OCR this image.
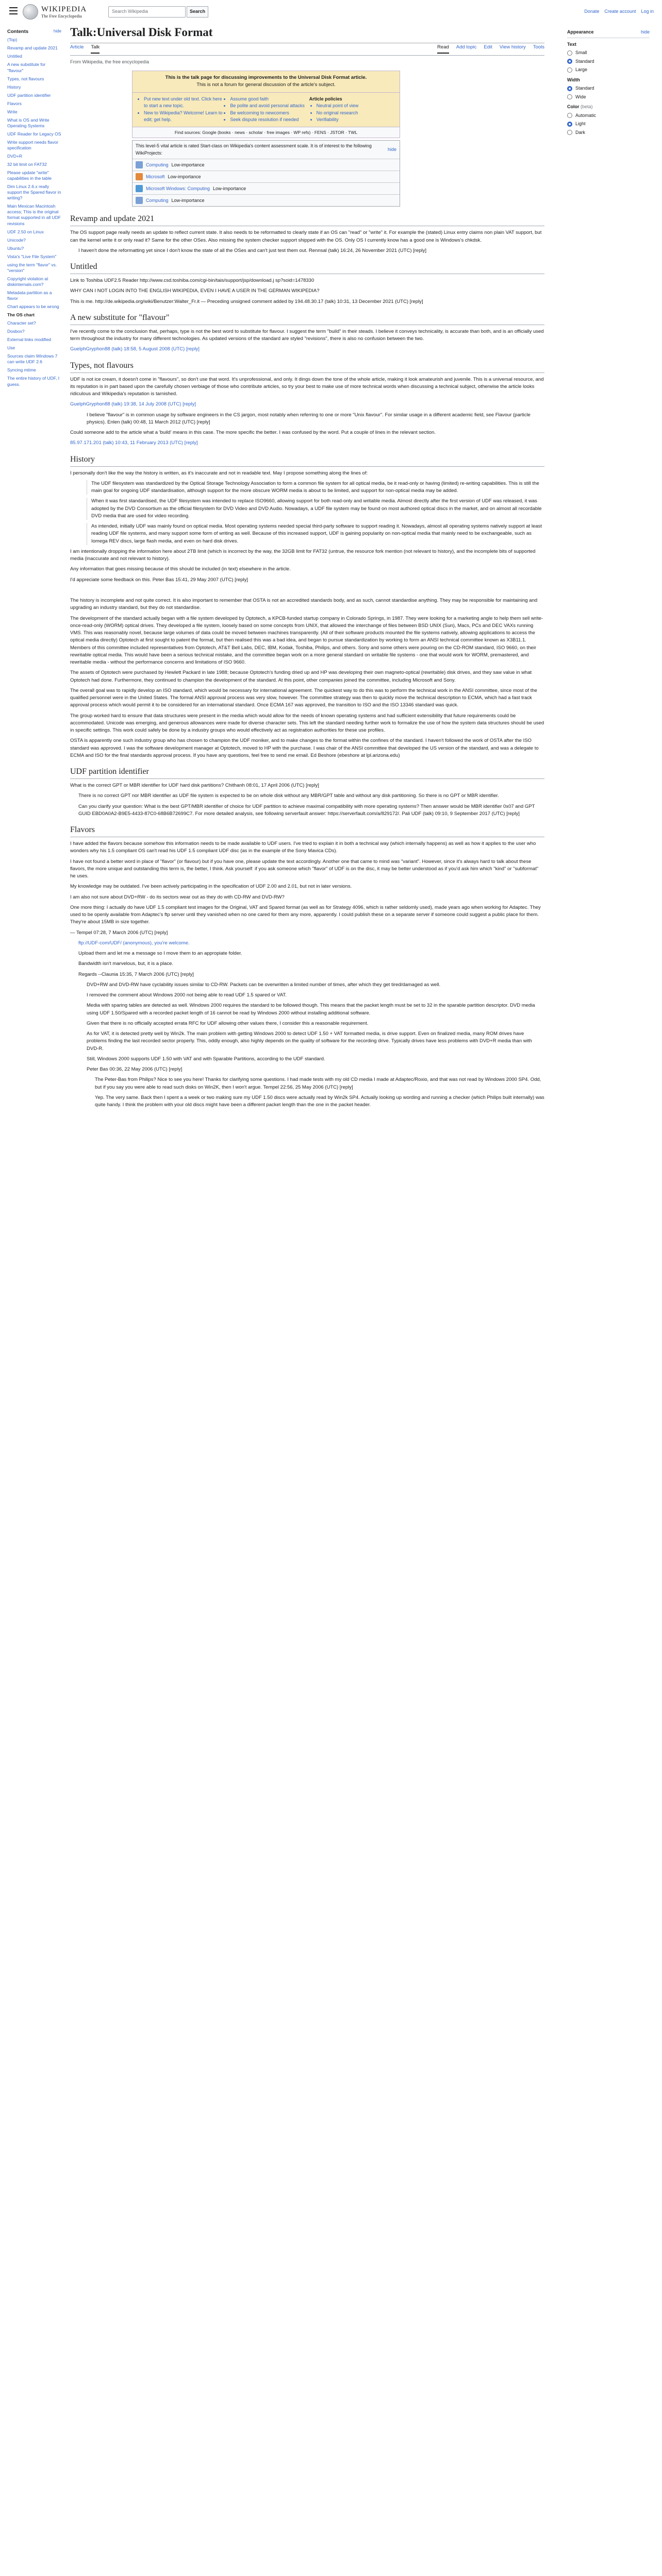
WIKIPEDIA
The Free Encyclopedia
Search Wikipedia	Search	Donate Create account Log in
Contents	hide
(Top)
Revamp and update 2021
Untitled
A new substitute for "flavour"
Types, not flavours
History
UDF partition identifier
Flavors
Write
What is OS and Write Operating Systems
UDF Reader for Legacy OS
Write support needs flavor specification
DVD+R
32 bit limit on FAT32
Please update "write" capabilities in the table
Dim Linux 2.6.x really support the Spared flavor in writing?
Main Mexican Macintosh access; This is the original format supported in all UDF revisions
UDF 2.50 on Linux
Unicode?
Ubuntu?
Vista's "Live File System"
using the term "flavor" vs. "version"
Copyright violation at diskinternals.com?
Metadata partition as a flavor
Chart appears to be wrong
The OS chart
Character set?
Dosbox?
External links modified
Use
Sources claim Windows 7 can write UDF 2.6
Syncing mtime
The entire history of UDF, I guess.
Talk:Universal Disk Format
Article Talk	Read Add topic Edit View history Tools
From Wikipedia, the free encyclopedia
This is the talk page for discussing improvements to the Universal Disk Format article.
This is not a forum for general discussion of the article's subject.
• Put new text under old text. Click here to start a new topic.
• New to Wikipedia? Welcome! Learn to edit; get help.
• Assume good faith
• Be polite and avoid personal attacks
• Be welcoming to newcomers
• Seek dispute resolution if needed
Article policies
• Neutral point of view
• No original research
• Verifiability
Find sources: Google (books · news · scholar · free images · WP refs) · FENS · JSTOR · TWL
This level-5 vital article is rated Start-class on Wikipedia's content assessment scale. It is of interest to the following WikiProjects:
hide
Computing Low-importance
Microsoft Low-importance
Microsoft Windows: Computing Low-importance
Computing Low-importance
Revamp and update 2021

The OS support page really needs an update to reflect current state. It also needs to be reformatted to clearly state if an OS can "read" or "write" it. For example the (stated) Linux entry claims non plain VAT support, but can the kernel write it or only read it? Same for the other OSes. Also missing the system checker support shipped with the OS. Only OS I currently know has a good one is Windows's chkdsk.

I haven't done the reformatting yet since I don't know the state of all the OSes and can't just test them out. Rennsal (talk) 16:24, 26 November 2021 (UTC) [reply]

Untitled

Link to Toshiba UDF2.5 Reader http://www.csd.toshiba.com/cgi-bin/tais/support/jsp/download.j sp?soid=1478330

WHY CAN I NOT LOGIN INTO THE ENGLISH WIKIPEDIA, EVEN I HAVE A USER IN THE GERMAN WIKIPEDIA?

This is me. http://de.wikipedia.org/wiki/Benutzer:Walter_Fr.it — Preceding unsigned comment added by 194.48.30.17 (talk) 10:31, 13 December 2021 (UTC) [reply]

A new substitute for "flavour"

I've recently come to the conclusion that, perhaps, type is not the best word to substitute for flavour. I suggest the term "build" in their steads. I believe it conveys technicality, is accurate than both, and is an officially used term throughout the industry for many different technologies. As updated versions of the standard are styled "revisions", there is also no confusion between the two.

GuelphGryphon88 (talk) 18:58, 5 August 2008 (UTC) [reply]

Types, not flavours

UDF is not ice cream, it doesn't come in "flavours", so don't use that word. It's unprofessional, and only. It dings down the tone of the whole article, making it look amateurish and juvenile. This is a universal resource, and its reputation is in part based upon the carefully chosen verbiage of those who contribute articles, so try your best to make use of more technical words when discussing a technical subject, otherwise the article looks ridiculous and Wikipedia's reputation is tarnished.

GuelphGryphon88 (talk) 19:38, 14 July 2008 (UTC) [reply]

I believe "flavour" is in common usage by software engineers in the CS jargon, most notably when referring to one or more "Unix flavour". For similar usage in a different academic field, see Flavour (particle physics). Enlen (talk) 00:48, 11 March 2012 (UTC) [reply]

Could someone add to the article what a 'build' means in this case. The more specific the better. I was confused by the word. Put a couple of lines in the relevant section.

85.97.171.201 (talk) 10:43, 11 February 2013 (UTC) [reply]

History

I personally don't like the way the history is written, as it's inaccurate and not in readable text. May I propose something along the lines of:

The UDF filesystem was standardized by the Optical Storage Technology Association to form a common file system for all optical media, be it read-only or having (limited) re-writing capabilities. This is still the main goal for ongoing UDF standardisation, although support for the more obscure WORM media is about to be limited, and support for non-optical media may be added.

When it was first standardised, the UDF filesystem was intended to replace ISO9660, allowing support for both read-only and writable media. Almost directly after the first version of UDF was released, it was adopted by the DVD Consortium as the official filesystem for DVD Video and DVD Audio. Nowadays, a UDF file system may be found on most authored optical discs in the market, and on almost all recordable DVD media that are used for video recording.

As intended, initially UDF was mainly found on optical media. Most operating systems needed special third-party software to support reading it. Nowadays, almost all operating systems natively support at least reading UDF file systems, and many support some form of writing as well. Because of this increased support, UDF is gaining popularity on non-optical media that mainly need to be exchangeable, such as Iomega REV discs, large flash media, and even on hard disk drives.

I am intentionally dropping the information here about 2TB limit (which is incorrect by the way, the 32GB limit for FAT32 (untrue, the resource fork mention (not relevant to history), and the incomplete bits of supported media (inaccurate and not relevant to history).

Any information that goes missing because of this should be included (in text) elsewhere in the article.

I'd appreciate some feedback on this. Peter Bas 15:41, 29 May 2007 (UTC) [reply]

The history is incomplete and not quite correct. It is also important to remember that OSTA is not an accredited standards body, and as such, cannot standardise anything. They may be responsible for maintaining and upgrading an industry standard, but they do not standardise.

The development of the standard actually began with a file system developed by Optotech, a KPCB-funded startup company in Colorado Springs, in 1987. They were looking for a marketing angle to help them sell write-once-read-only (WORM) optical drives. They developed a file system, loosely based on some concepts from UNIX, that allowed the interchange of files between BSD UNIX (Sun), Macs, PCs and DEC VAXs running VMS. This was reasonably novel, because large volumes of data could be moved between machines transparently. (All of their software products mounted the file systems natively, allowing applications to access the optical media directly) Optotech at first sought to patent the format, but then realised this was a bad idea, and began to pursue standardization by working to form an ANSI technical committee known as X3B11.1. Members of this committee included representatives from Optotech, AT&T Bell Labs, DEC, IBM, Kodak, Toshiba, Philips, and others. Sony and some others were pouring on the CD-ROM standard, ISO 9660, on their rewritable optical media. This would have been a serious technical mistake, and the committee began work on a more general standard on writable file systems - one that would work for WORM, premastered, and rewritable media - without the performance concerns and limitations of ISO 9660.

The assets of Optotech were purchased by Hewlett Packard in late 1988; because Optotech's funding dried up and HP was developing their own magneto-optical (rewritable) disk drives, and they saw value in what Optotech had done. Furthermore, they continued to champion the development of the standard. At this point, other companies joined the committee, including Microsoft and Sony.

The overall goal was to rapidly develop an ISO standard, which would be necessary for international agreement. The quickest way to do this was to perform the technical work in the ANSI committee, since most of the qualified personnel were in the United States. The formal ANSI approval process was very slow, however. The committee strategy was then to quickly move the technical description to ECMA, which had a fast track approval process which would permit it to be considered for an international standard. Once ECMA 167 was approved, the transition to ISO and the ISO 13346 standard was quick.

The group worked hard to ensure that data structures were present in the media which would allow for the needs of known operating systems and had sufficient extensibility that future requirements could be accommodated. Unicode was emerging, and generous allowances were made for diverse character sets. This left the standard needing further work to formalize the use of how the system data structures should be used in specific settings. This work could safely be done by a industry groups who would effectively act as registration authorities for these use profiles.

OSTA is apparently one such industry group who has chosen to champion the UDF moniker, and to make changes to the format within the confines of the standard. I haven't followed the work of OSTA after the ISO standard was approved. I was the software development manager at Optotech, moved to HP with the purchase. I was chair of the ANSI committee that developed the US version of the standard, and was a delegate to ECMA and ISO for the final standards approval process. If you have any questions, feel free to send me email. Ed Beshore (ebeshore at lpl.arizona.edu)

UDF partition identifier

What is the correct GPT or MBR identifier for UDF hard disk partitions? Chithanh 08:01, 17 April 2006 (UTC) [reply]

There is no correct GPT nor MBR identifier as UDF file system is expected to be on whole disk without any MBR/GPT table and without any disk partitioning. So there is no GPT or MBR identifier.

Can you clarify your question: What is the best GPT/MBR identifier of choice for UDF partition to achieve maximal compatibility with more operating systems? Then answer would be MBR identifier 0x07 and GPT GUID EBD0A0A2-B9E5-4433-87C0-68B6B72699C7. For more detailed analysis, see following serverfault answer: https://serverfault.com/a/829172/. Pali UDF (talk) 09:10, 9 September 2017 (UTC) [reply]

Flavors

I have added the flavors because somehow this information needs to be made available to UDF users. I've tried to explain it in both a technical way (which internally happens) as well as how it applies to the user who wonders why his 1.5 compliant OS can't read his UDF 1.5 compliant UDF disc (as in the example of the Sony Mavica CDs).

I have not found a better word in place of "flavor" (or flavour) but if you have one, please update the text accordingly. Another one that came to mind was "variant". However, since it's always hard to talk about these flavors, the more unique and outstanding this term is, the better, I think. Ask yourself: if you ask someone which "flavor" of UDF is on the disc, it may be better understood as if you'd ask him which "kind" or "subformat" he uses.

My knowledge may be outdated. I've been actively participating in the specification of UDF 2.00 and 2.01, but not in later versions.

I am also not sure about DVD+RW - do its sectors wear out as they do with CD-RW and DVD-RW?

One more thing: I actually do have UDF 1.5 compliant test images for the Original, VAT and Spared format (as well as for Strategy 4096, which is rather seldomly used), made years ago when working for Adaptec. They used to be openly available from Adaptec's ftp server until they vanished when no one cared for them any more, apparently. I could publish these on a separate server if someone could suggest a public place for them. They're about 15MB in size together.

— Tempel 07:28, 7 March 2006 (UTC) [reply]

ftp://UDF-com/UDF/ (anonymous), you're welcome.

Upload them and let me a message so I move them to an appropiate folder.

Bandwidth isn't marvelous, but, it is a place.

Regards --Claunia 15:35, 7 March 2006 (UTC) [reply]

DVD+RW and DVD-RW have cyclability issues similar to CD-RW. Packets can be overwritten a limited number of times, after which they get tired/damaged as well.

I removed the comment about Windows 2000 not being able to read UDF 1.5 spared or VAT.

Media with sparing tables are detected as well. Windows 2000 requires the standard to be followed though. This means that the packet length must be set to 32 in the sparable partition descriptor. DVD media using UDF 1.50/Spared with a recorded packet length of 16 cannot be read by Windows 2000 without installing additional software.

Given that there is no officially accepted errata RFC for UDF allowing other values there, I consider this a reasonable requirement.

As for VAT, it is detected pretty well by Win2k. The main problem with getting Windows 2000 to detect UDF 1.50 + VAT formatted media, is drive support. Even on finalized media, many ROM drives have problems finding the last recorded sector properly. This, oddly enough, also highly depends on the quality of software for the recording drive. Typically drives have less problems with DVD+R media than with DVD-R.

Still, Windows 2000 supports UDF 1.50 with VAT and with Sparable Partitions, according to the UDF standard.

Peter Bas 00:36, 22 May 2006 (UTC) [reply]

The Peter-Bas from Philips? Nice to see you here! Thanks for clarifying some questions. I had made tests with my old CD media I made at Adaptec/Roxio, and that was not read by Windows 2000 SP4. Odd, but if you say you were able to read such disks on Win2K, then I won't argue. Tempel 22:56, 25 May 2006 (UTC) [reply]

Yep. The very same. Back then I spent a a week or two making sure my UDF 1.50 discs were actually read by Win2k SP4. Actually looking up wording and running a checker (which Philips built internally) was quite handy. I think the problem with your old discs might have been a different packet length than the one in the packet header.

Appearance	hide
Text
Small
Standard
Large
Width
Standard
Wide
Color (beta)
Automatic
Light
Dark
